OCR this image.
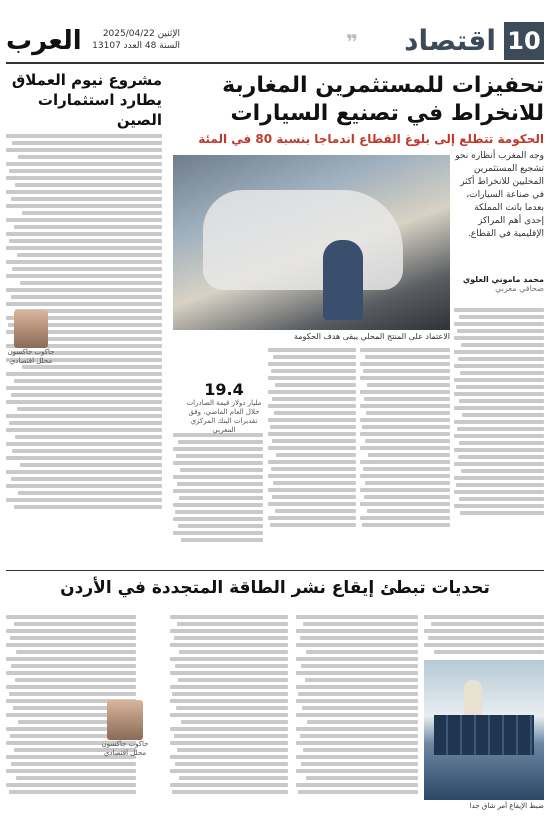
10
اقتصاد
❞
العرب	الإثنين 2025/04/22
السنة 48 العدد 13107
مشروع نيوم العملاق يطارد استثمارات الصين
جاكوب جاكسون
محلل اقتصادي
تحفيزات للمستثمرين المغاربة للانخراط في تصنيع السيارات
الحكومة تتطلع إلى بلوغ القطاع اندماجا بنسبة 80 في المئة
الاعتماد على المنتج المحلي يبقى هدف الحكومة
وجه المغرب أنظاره نحو تشجيع المستثمرين المحليين للانخراط أكثر في صناعة السيارات، بعدما باتت المملكة إحدى أهم المراكز الإقليمية في القطاع.
محمد ماموني العلوي
صحافي مغربي
19.4
مليار دولار قيمة الصادرات خلال العام الماضي، وفق تقديرات البنك المركزي المغربي
تحديات تبطئ إيقاع نشر الطاقة المتجددة في الأردن
جاكوب جاكسون
محلل اقتصادي
ضبط الإيقاع أمر شاق جدا
